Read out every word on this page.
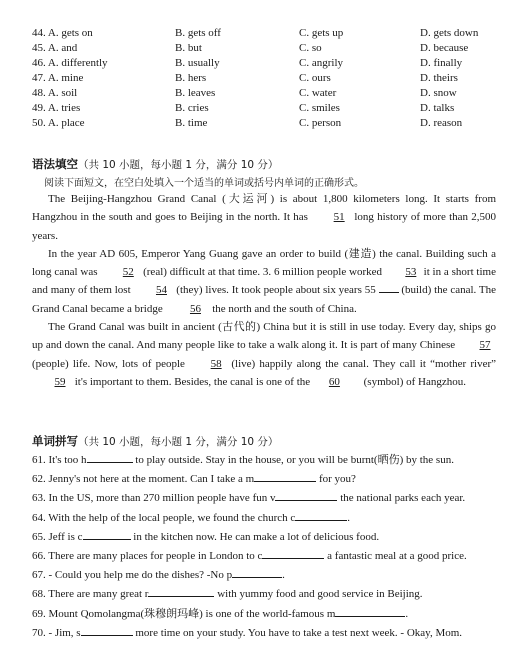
44. A. gets on	B. gets off	C. gets up	D. gets down
45. A. and	B. but	C. so	D. because
46. A. differently	B. usually	C. angrily	D. finally
47. A. mine	B. hers	C. ours	D. theirs
48. A. soil	B. leaves	C. water	D. snow
49. A. tries	B. cries	C. smiles	D. talks
50. A. place	B. time	C. person	D. reason
语法填空（共 10 小题，每小题 1 分，满分 10 分）
阅读下面短文，在空白处填入一个适当的单词或括号内单词的正确形式。

The Beijing-Hangzhou Grand Canal (大运河) is about 1,800 kilometers long. It starts from Hangzhou in the south and goes to Beijing in the north. It has 51 long history of more than 2,500 years.

In the year AD 605, Emperor Yang Guang gave an order to build (建造) the canal. Building such a long canal was 52 (real) difficult at that time. 3. 6 million people worked 53 it in a short time and many of them lost 54 (they) lives. It took people about six years 55  (build) the canal. The Grand Canal became a bridge 56 the north and the south of China.

The Grand Canal was built in ancient (古代的) China but it is still in use today. Every day, ships go up and down the canal. And many people like to take a walk along it. It is part of many Chinese 57 (people) life. Now, lots of people 58 (live) happily along the canal. They call it “mother river” 59 it's important to them. Besides, the canal is one of the 60 (symbol) of Hangzhou.

单词拼写（共 10 小题，每小题 1 分，满分 10 分）
61. It's too h	to play outside. Stay in the house, or you will be burnt(晒伤) by the sun.
62. Jenny's not here at the moment. Can I take a m	for you?
63. In the US, more than 270 million people have fun v	the national parks each year.
64. With the help of the local people, we found the church c	.
65. Jeff is c	in the kitchen now. He can make a lot of delicious food.
66. There are many places for people in London to c	a fantastic meal at a good price.
67. - Could you help me do the dishes? -No p	.
68. There are many great r	with yummy food and good service in Beijing.
69. Mount Qomolangma(珠穆朗玛峰) is one of the world-famous m	.
70. - Jim, s	more time on your study. You have to take a test next week. - Okay, Mom.
